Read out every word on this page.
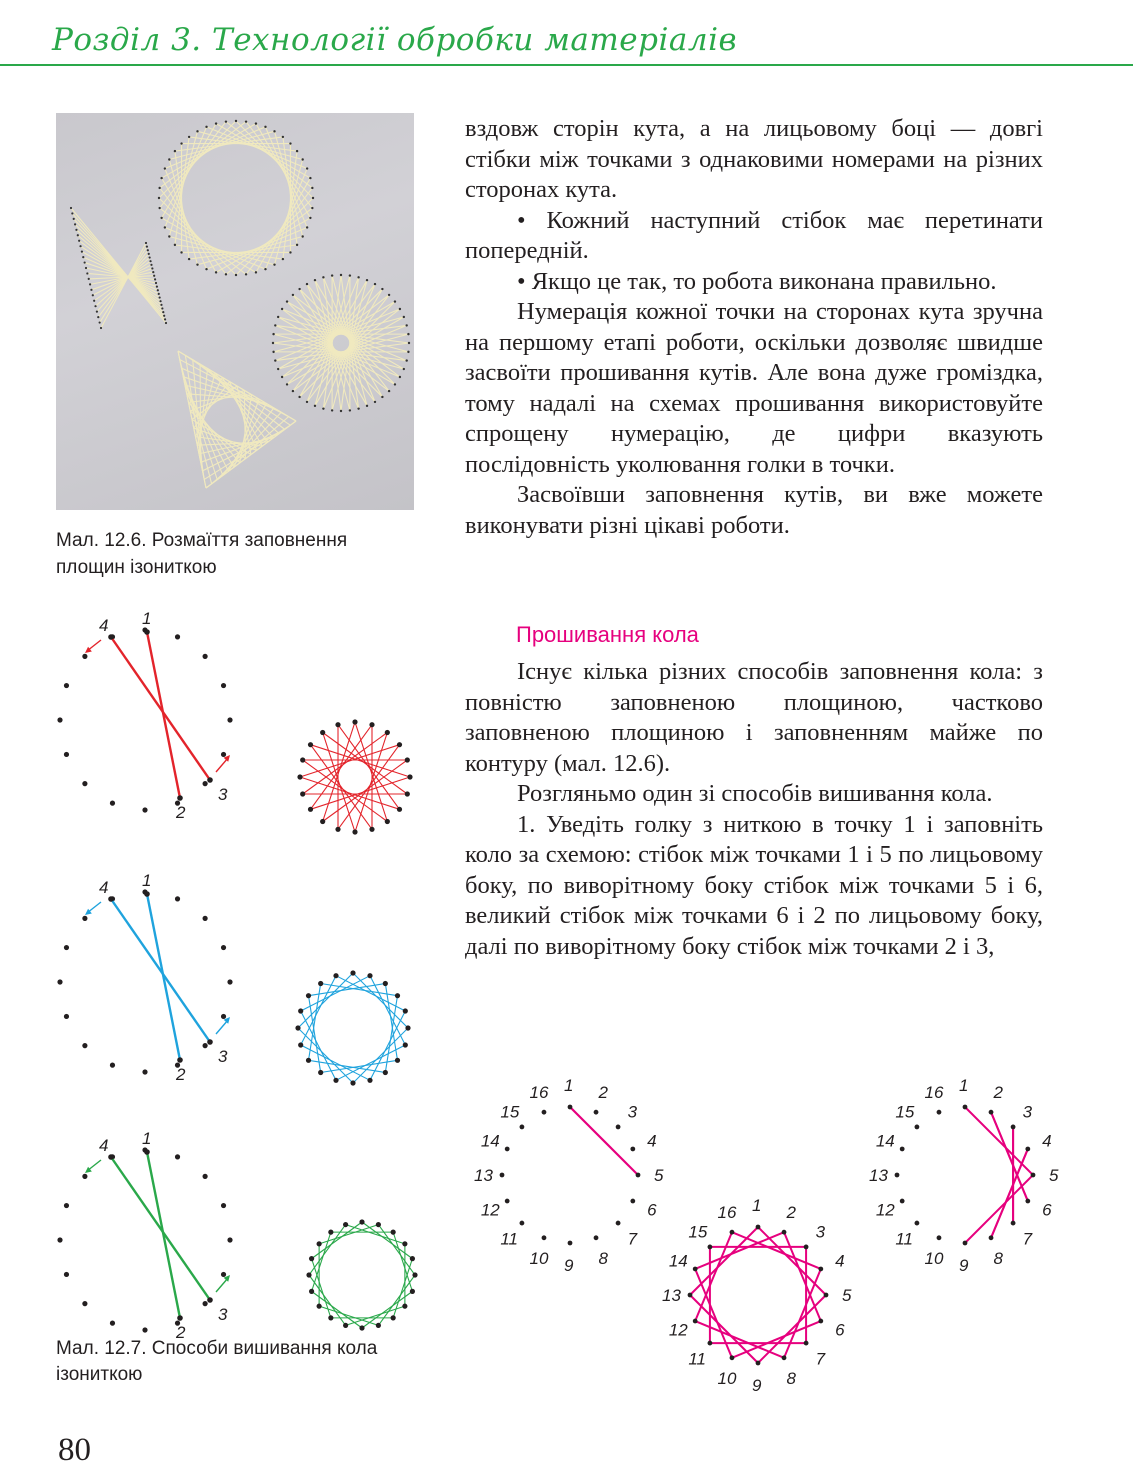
Розділ 3. Технології обробки матеріалів
Мал. 12.6. Розмаїття заповнення
площин ізониткою

вздовж сторін кута, а на лицьовому боці — довгі стібки між точками з однаковими номерами на різних сторонах кута.

• Кожний наступний стібок має перетинати попередній.

• Якщо це так, то робота виконана правильно.

Нумерація кожної точки на сторонах кута зручна на першому етапі роботи, оскільки дозволяє швидше засвоїти прошивання кутів. Але вона дуже громіздка, тому надалі на схемах прошивання використовуйте спрощену нумерацію, де цифри вказують послідовність уколювання голки в точки.

Засвоївши заповнення кутів, ви вже можете виконувати різні цікаві роботи.

Прошивання кола

Існує кілька різних способів заповнення кола: з повністю заповненою площиною, частково заповненою площиною і заповненням майже по контуру (мал. 12.6).

Розгляньмо один зі способів вишивання кола.

1. Уведіть голку з ниткою в точку 1 і заповніть коло за схемою: стібок між точками 1 і 5 по лицьовому боку, по виворітному боку стібок між точками 5 і 6, великий стібок між точками 6 і 2 по лицьовому боку, далі по виворітному боку стібок між точками 2 і 3,

1
4
2
3
1
4
2
3
1
4
2
3
Мал. 12.7. Способи вишивання кола
ізониткою
1 2
3
4
5
6
7
8
9
10
11
12
13
14
15
16	1 2
3
4
5
6
7
8
9
10
11
12
13
14
15
16
1 2
3
4
5
6
7
8
9
10
11
12
13
14
15
16
80
